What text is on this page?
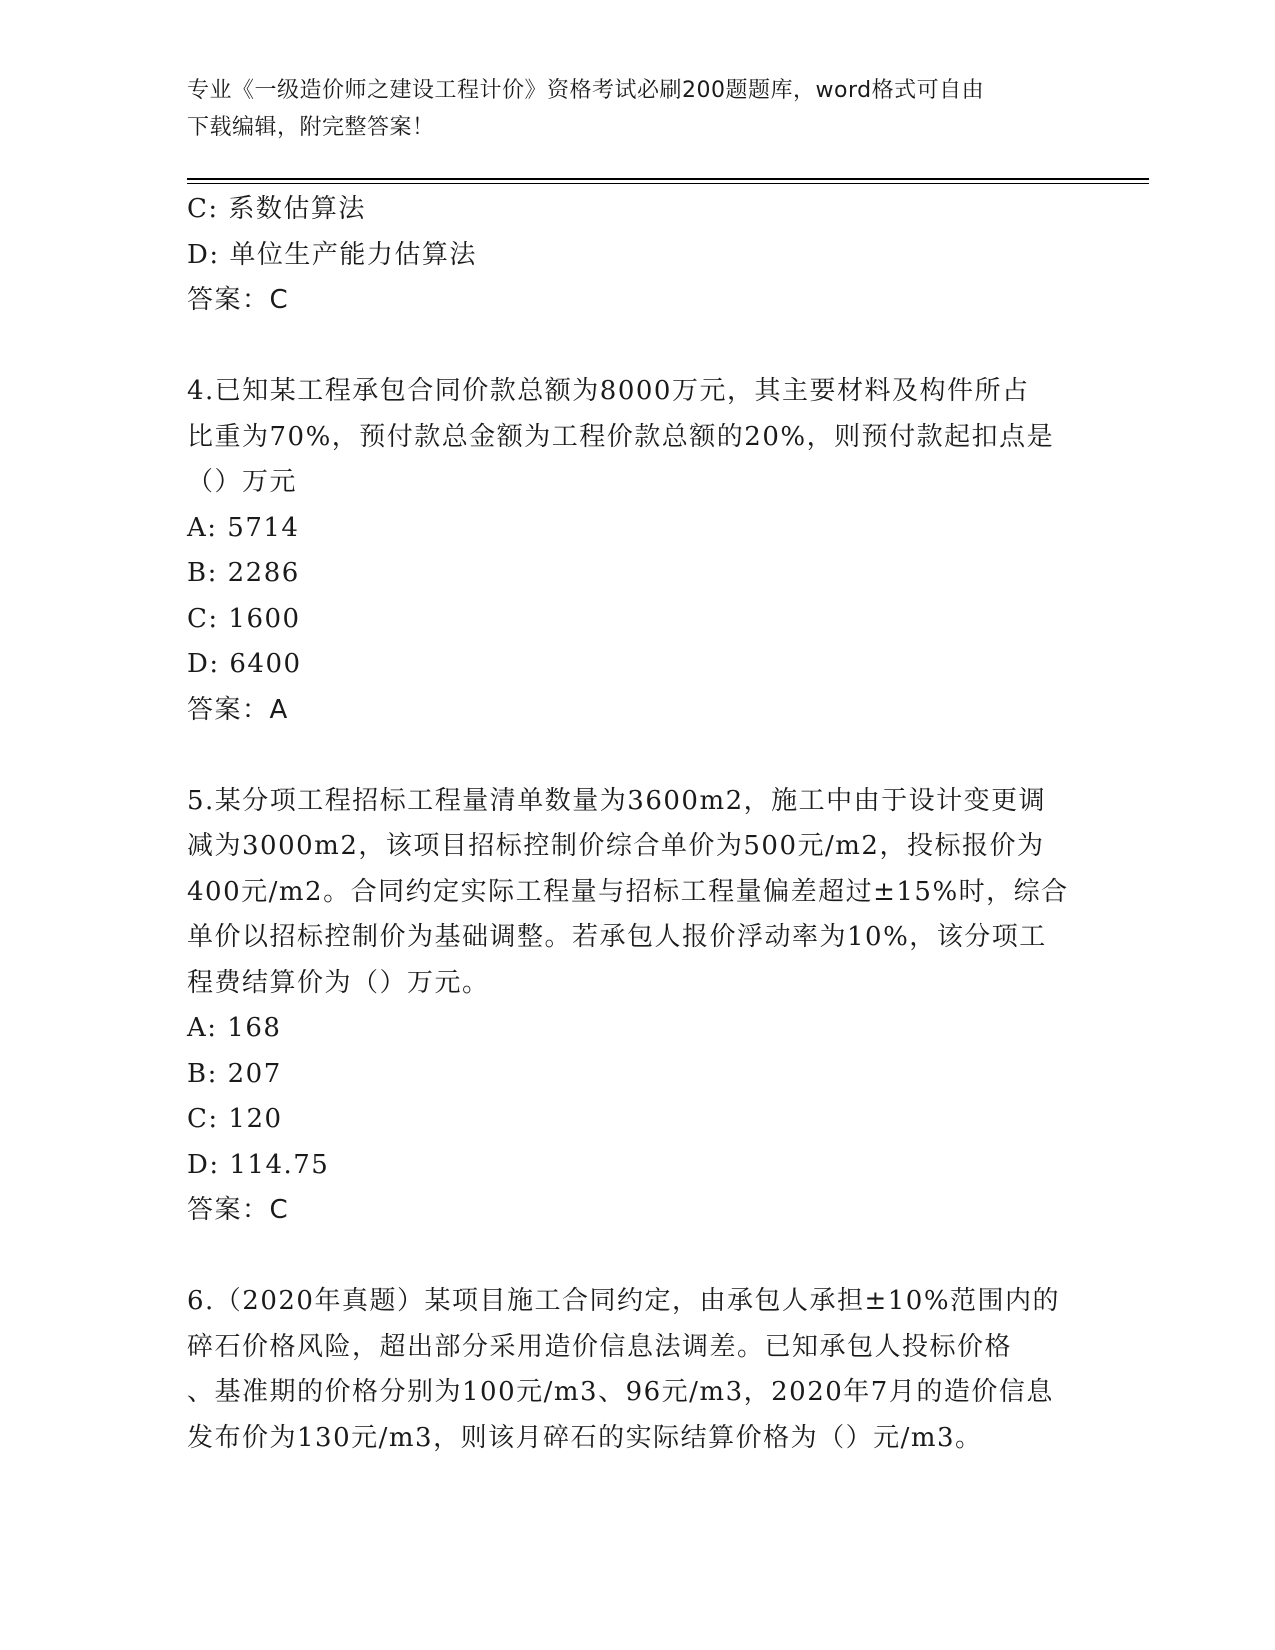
专业《一级造价师之建设工程计价》资格考试必刷200题题库，word格式可自由

下载编辑，附完整答案！

C: 系数估算法
D: 单位生产能力估算法
答案：C
4.已知某工程承包合同价款总额为8000万元，其主要材料及构件所占
比重为70%，预付款总金额为工程价款总额的20%，则预付款起扣点是
（）万元
A: 5714
B: 2286
C: 1600
D: 6400
答案：A
5.某分项工程招标工程量清单数量为3600m2，施工中由于设计变更调
减为3000m2，该项目招标控制价综合单价为500元/m2，投标报价为
400元/m2。合同约定实际工程量与招标工程量偏差超过±15%时，综合
单价以招标控制价为基础调整。若承包人报价浮动率为10%，该分项工
程费结算价为（）万元。
A: 168
B: 207
C: 120
D: 114.75
答案：C
6.（2020年真题）某项目施工合同约定，由承包人承担±10%范围内的
碎石价格风险，超出部分采用造价信息法调差。已知承包人投标价格
、基准期的价格分别为100元/m3、96元/m3，2020年7月的造价信息
发布价为130元/m3，则该月碎石的实际结算价格为（）元/m3。
